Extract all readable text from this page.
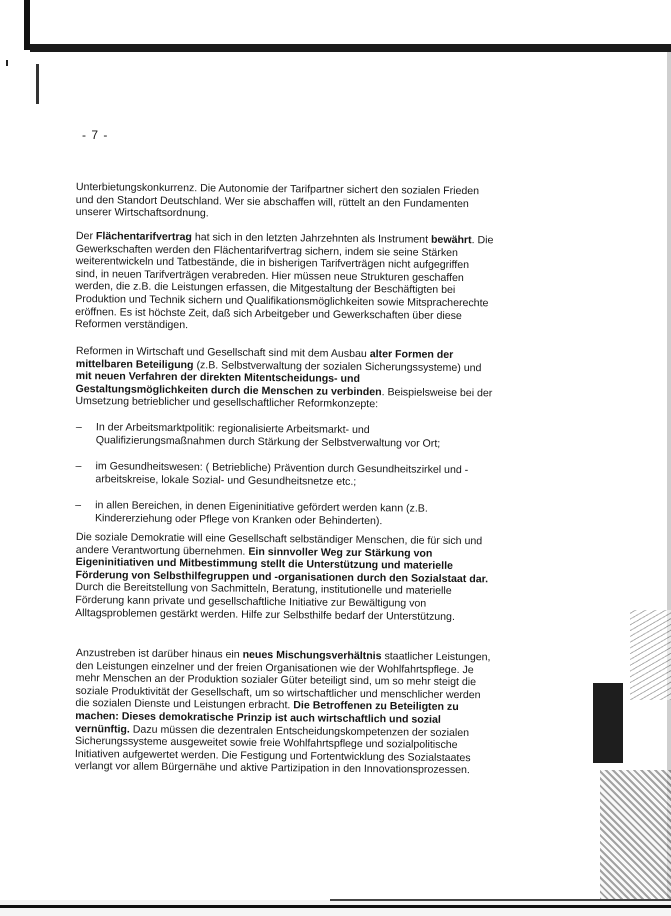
- 7 -

Unterbietungskonkurrenz. Die Autonomie der Tarifpartner sichert den sozialen Frieden und den Standort Deutschland. Wer sie abschaffen will, rüttelt an den Fundamenten unserer Wirtschaftsordnung.

Der Flächentarifvertrag hat sich in den letzten Jahrzehnten als Instrument bewährt. Die Gewerkschaften werden den Flächentarifvertrag sichern, indem sie seine Stärken weiterentwickeln und Tatbestände, die in bisherigen Tarifverträgen nicht aufgegriffen sind, in neuen Tarifverträgen verabreden. Hier müssen neue Strukturen geschaffen werden, die z.B. die Leistungen erfassen, die Mitgestaltung der Beschäftigten bei Produktion und Technik sichern und Qualifikationsmöglichkeiten sowie Mitspracherechte eröffnen. Es ist höchste Zeit, daß sich Arbeitgeber und Gewerkschaften über diese Reformen verständigen.

Reformen in Wirtschaft und Gesellschaft sind mit dem Ausbau alter Formen der mittelbaren Beteiligung (z.B. Selbstverwaltung der sozialen Sicherungssysteme) und mit neuen Verfahren der direkten Mitentscheidungs- und Gestaltungsmöglichkeiten durch die Menschen zu verbinden. Beispielsweise bei der Umsetzung betrieblicher und gesellschaftlicher Reformkonzepte:

– In der Arbeitsmarktpolitik: regionalisierte Arbeitsmarkt- und Qualifizierungsmaßnahmen durch Stärkung der Selbstverwaltung vor Ort;
– im Gesundheitswesen: ( Betriebliche) Prävention durch Gesundheitszirkel und -arbeitskreise, lokale Sozial- und Gesundheitsnetze etc.;
– in allen Bereichen, in denen Eigeninitiative gefördert werden kann (z.B. Kindererziehung oder Pflege von Kranken oder Behinderten).

Die soziale Demokratie will eine Gesellschaft selbständiger Menschen, die für sich und andere Verantwortung übernehmen. Ein sinnvoller Weg zur Stärkung von Eigeninitiativen und Mitbestimmung stellt die Unterstützung und materielle Förderung von Selbsthilfegruppen und -organisationen durch den Sozialstaat dar. Durch die Bereitstellung von Sachmitteln, Beratung, institutionelle und materielle Förderung kann private und gesellschaftliche Initiative zur Bewältigung von Alltagsproblemen gestärkt werden. Hilfe zur Selbsthilfe bedarf der Unterstützung.

Anzustreben ist darüber hinaus ein neues Mischungsverhältnis staatlicher Leistungen, den Leistungen einzelner und der freien Organisationen wie der Wohlfahrtspflege. Je mehr Menschen an der Produktion sozialer Güter beteiligt sind, um so mehr steigt die soziale Produktivität der Gesellschaft, um so wirtschaftlicher und menschlicher werden die sozialen Dienste und Leistungen erbracht. Die Betroffenen zu Beteiligten zu machen: Dieses demokratische Prinzip ist auch wirtschaftlich und sozial vernünftig. Dazu müssen die dezentralen Entscheidungskompetenzen der sozialen Sicherungssysteme ausgeweitet sowie freie Wohlfahrtspflege und sozialpolitische Initiativen aufgewertet werden. Die Festigung und Fortentwicklung des Sozialstaates verlangt vor allem Bürgernähe und aktive Partizipation in den Innovationsprozessen.
